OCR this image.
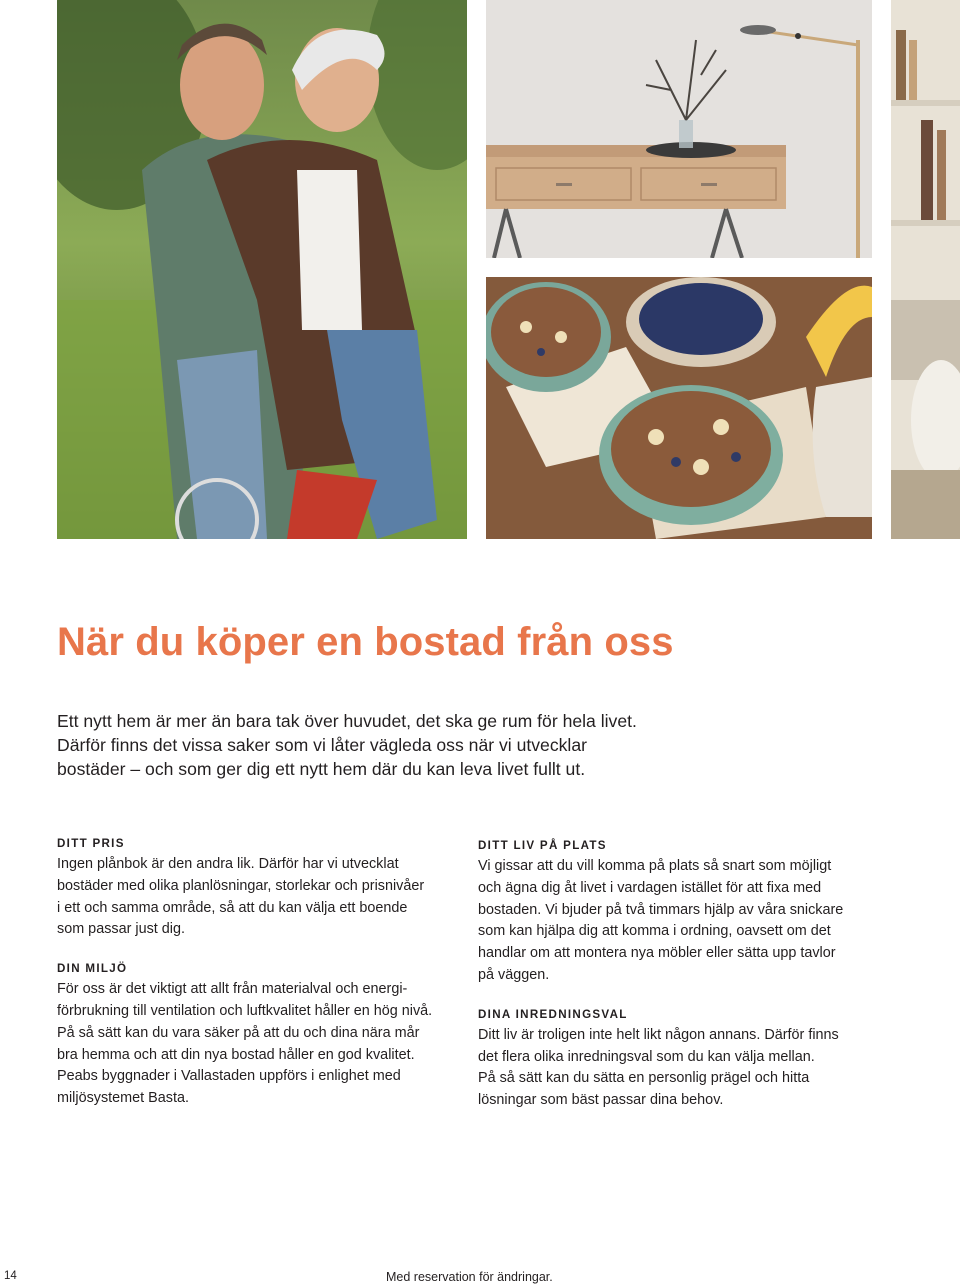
När du köper en bostad från oss

Ett nytt hem är mer än bara tak över huvudet, det ska ge rum för hela livet. Därför finns det vissa saker som vi låter vägleda oss när vi utvecklar bostäder – och som ger dig ett nytt hem där du kan leva livet fullt ut.

DITT PRIS

Ingen plånbok är den andra lik. Därför har vi utvecklat
bostäder med olika planlösningar, storlekar och prisnivåer
i ett och samma område, så att du kan välja ett boende
som passar just dig.

DIN MILJÖ

För oss är det viktigt att allt från materialval och energi-
förbrukning till ventilation och luftkvalitet håller en hög nivå.
På så sätt kan du vara säker på att du och dina nära mår
bra hemma och att din nya bostad håller en god kvalitet.
Peabs byggnader i Vallastaden uppförs i enlighet med
miljösystemet Basta.

DITT LIV PÅ PLATS

Vi gissar att du vill komma på plats så snart som möjligt
och ägna dig åt livet i vardagen istället för att fixa med
bostaden. Vi bjuder på två timmars hjälp av våra snickare
som kan hjälpa dig att komma i ordning, oavsett om det
handlar om att montera nya möbler eller sätta upp tavlor
på väggen.

DINA INREDNINGSVAL

Ditt liv är troligen inte helt likt någon annans. Därför finns
det flera olika inredningsval som du kan välja mellan.
På så sätt kan du sätta en personlig prägel och hitta
lösningar som bäst passar dina behov.

14	Med reservation för ändringar.
